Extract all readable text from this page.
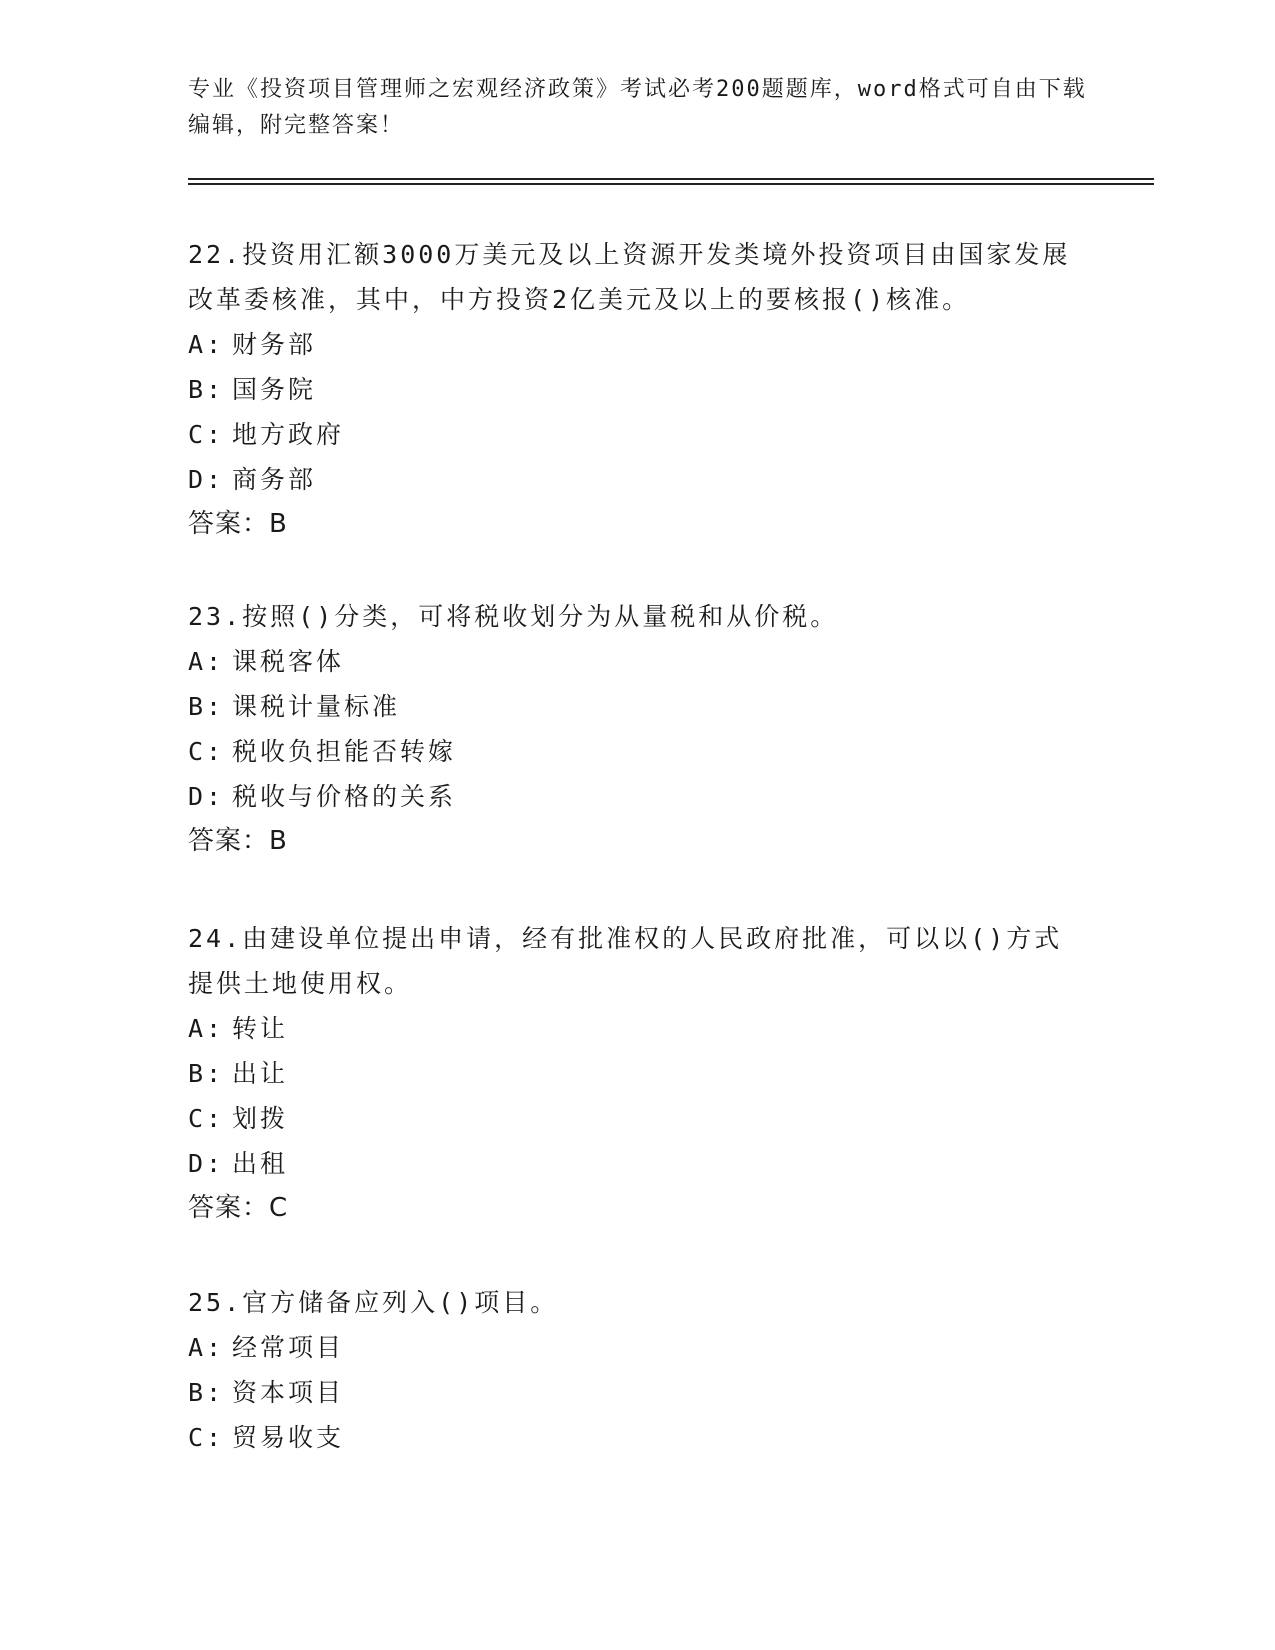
专业《投资项目管理师之宏观经济政策》考试必考200题题库，word格式可自由下载编辑，附完整答案！

22.投资用汇额3000万美元及以上资源开发类境外投资项目由国家发展改革委核准，其中，中方投资2亿美元及以上的要核报()核准。

A: 财务部

B: 国务院

C: 地方政府

D: 商务部

答案：B

23.按照()分类，可将税收划分为从量税和从价税。

A: 课税客体

B: 课税计量标准

C: 税收负担能否转嫁

D: 税收与价格的关系

答案：B

24.由建设单位提出申请，经有批准权的人民政府批准，可以以()方式提供土地使用权。

A: 转让

B: 出让

C: 划拨

D: 出租

答案：C

25.官方储备应列入()项目。

A: 经常项目

B: 资本项目

C: 贸易收支
